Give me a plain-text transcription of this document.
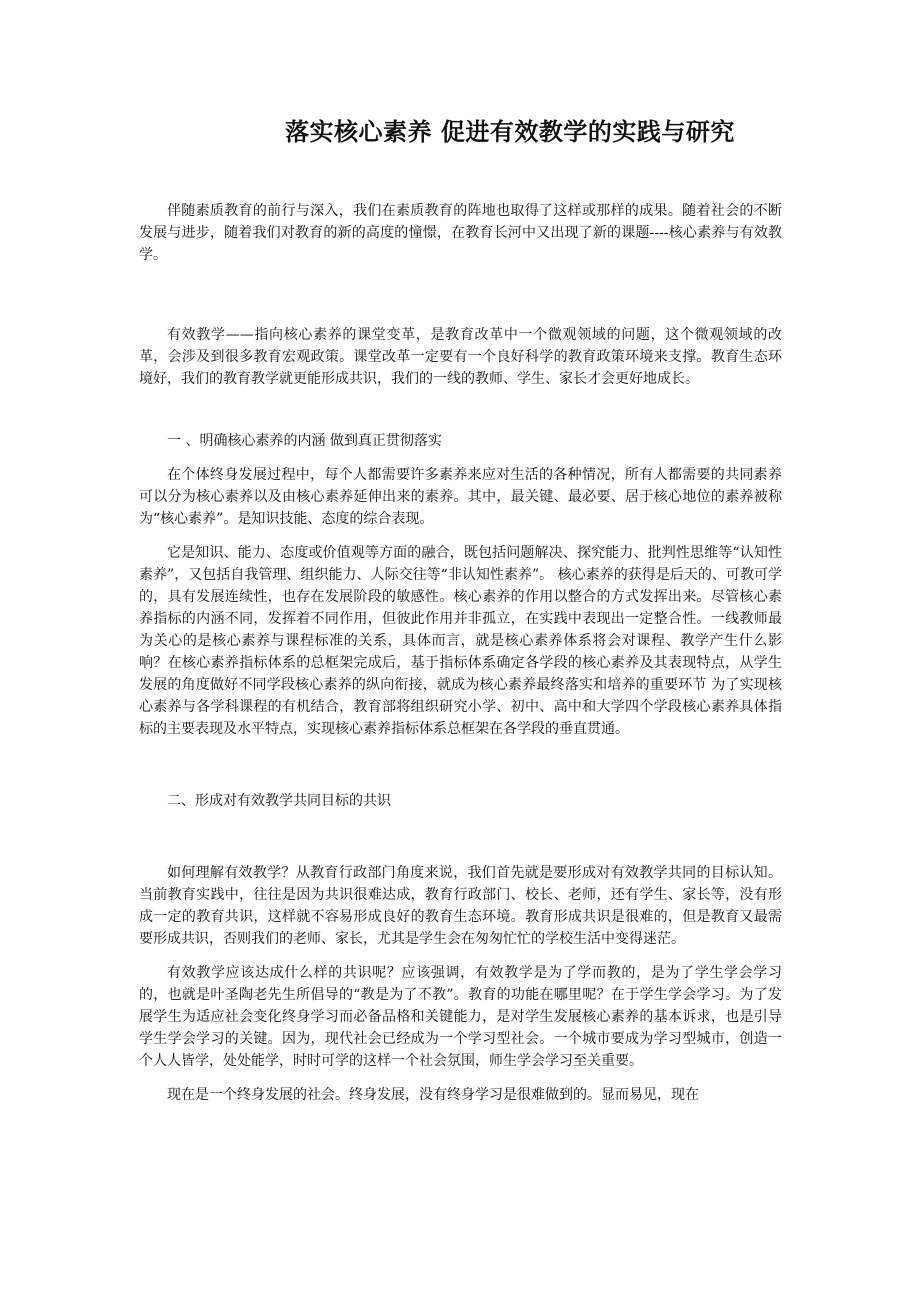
落实核心素养 促进有效教学的实践与研究

伴随素质教育的前行与深入，我们在素质教育的阵地也取得了这样或那样的成果。随着社会的不断发展与进步，随着我们对教育的新的高度的憧憬，在教育长河中又出现了新的课题----核心素养与有效教学。

有效教学——指向核心素养的课堂变革，是教育改革中一个微观领域的问题，这个微观领域的改革，会涉及到很多教育宏观政策。课堂改革一定要有一个良好科学的教育政策环境来支撑。教育生态环境好，我们的教育教学就更能形成共识，我们的一线的教师、学生、家长才会更好地成长。

一 、明确核心素养的内涵 做到真正贯彻落实

在个体终身发展过程中，每个人都需要许多素养来应对生活的各种情况，所有人都需要的共同素养可以分为核心素养以及由核心素养延伸出来的素养。其中，最关键、最必要、居于核心地位的素养被称为“核心素养”。是知识技能、态度的综合表现。

它是知识、能力、态度或价值观等方面的融合，既包括问题解决、探究能力、批判性思维等“认知性素养”，又包括自我管理、组织能力、人际交往等“非认知性素养”。 核心素养的获得是后天的、可教可学的，具有发展连续性，也存在发展阶段的敏感性。核心素养的作用以整合的方式发挥出来。尽管核心素养指标的内涵不同，发挥着不同作用，但彼此作用并非孤立，在实践中表现出一定整合性。一线教师最为关心的是核心素养与课程标准的关系，具体而言，就是核心素养体系将会对课程、教学产生什么影响？在核心素养指标体系的总框架完成后，基于指标体系确定各学段的核心素养及其表现特点，从学生发展的角度做好不同学段核心素养的纵向衔接，就成为核心素养最终落实和培养的重要环节 为了实现核心素养与各学科课程的有机结合，教育部将组织研究小学、初中、高中和大学四个学段核心素养具体指标的主要表现及水平特点，实现核心素养指标体系总框架在各学段的垂直贯通。

二、形成对有效教学共同目标的共识

如何理解有效教学？从教育行政部门角度来说，我们首先就是要形成对有效教学共同的目标认知。当前教育实践中，往往是因为共识很难达成，教育行政部门、校长、老师，还有学生、家长等，没有形成一定的教育共识，这样就不容易形成良好的教育生态环境。教育形成共识是很难的，但是教育又最需要形成共识，否则我们的老师、家长，尤其是学生会在匆匆忙忙的学校生活中变得迷茫。

有效教学应该达成什么样的共识呢？应该强调，有效教学是为了学而教的，是为了学生学会学习的，也就是叶圣陶老先生所倡导的“教是为了不教”。教育的功能在哪里呢？在于学生学会学习。为了发展学生为适应社会变化终身学习而必备品格和关键能力，是对学生发展核心素养的基本诉求，也是引导学生学会学习的关键。因为，现代社会已经成为一个学习型社会。一个城市要成为学习型城市，创造一个人人皆学，处处能学，时时可学的这样一个社会氛围，师生学会学习至关重要。

现在是一个终身发展的社会。终身发展，没有终身学习是很难做到的。显而易见，现在
